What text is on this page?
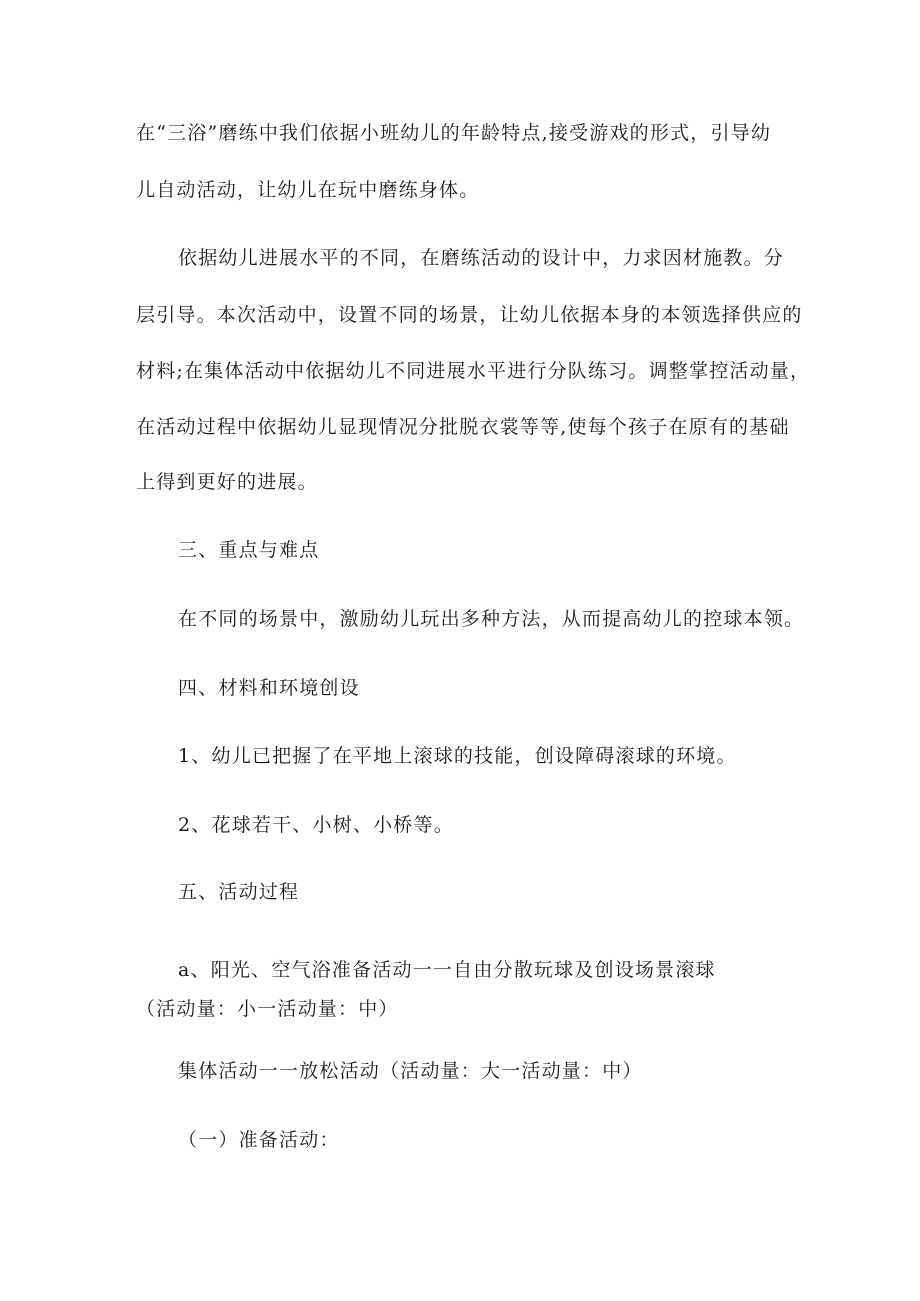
在“三浴”磨练中我们依据小班幼儿的年龄特点,接受游戏的形式，引导幼
儿自动活动，让幼儿在玩中磨练身体。
依据幼儿进展水平的不同，在磨练活动的设计中，力求因材施教。分
层引导。本次活动中，设置不同的场景，让幼儿依据本身的本领选择供应的
材料;在集体活动中依据幼儿不同进展水平进行分队练习。调整掌控活动量，
在活动过程中依据幼儿显现情况分批脱衣裳等等,使每个孩子在原有的基础
上得到更好的进展。
三、重点与难点
在不同的场景中，激励幼儿玩出多种方法，从而提高幼儿的控球本领。
四、材料和环境创设
1、幼儿已把握了在平地上滚球的技能，创设障碍滚球的环境。
2、花球若干、小树、小桥等。
五、活动过程
a、阳光、空气浴准备活动一一自由分散玩球及创设场景滚球
（活动量：小一活动量：中）
集体活动一一放松活动（活动量：大一活动量：中）
（一）准备活动：
